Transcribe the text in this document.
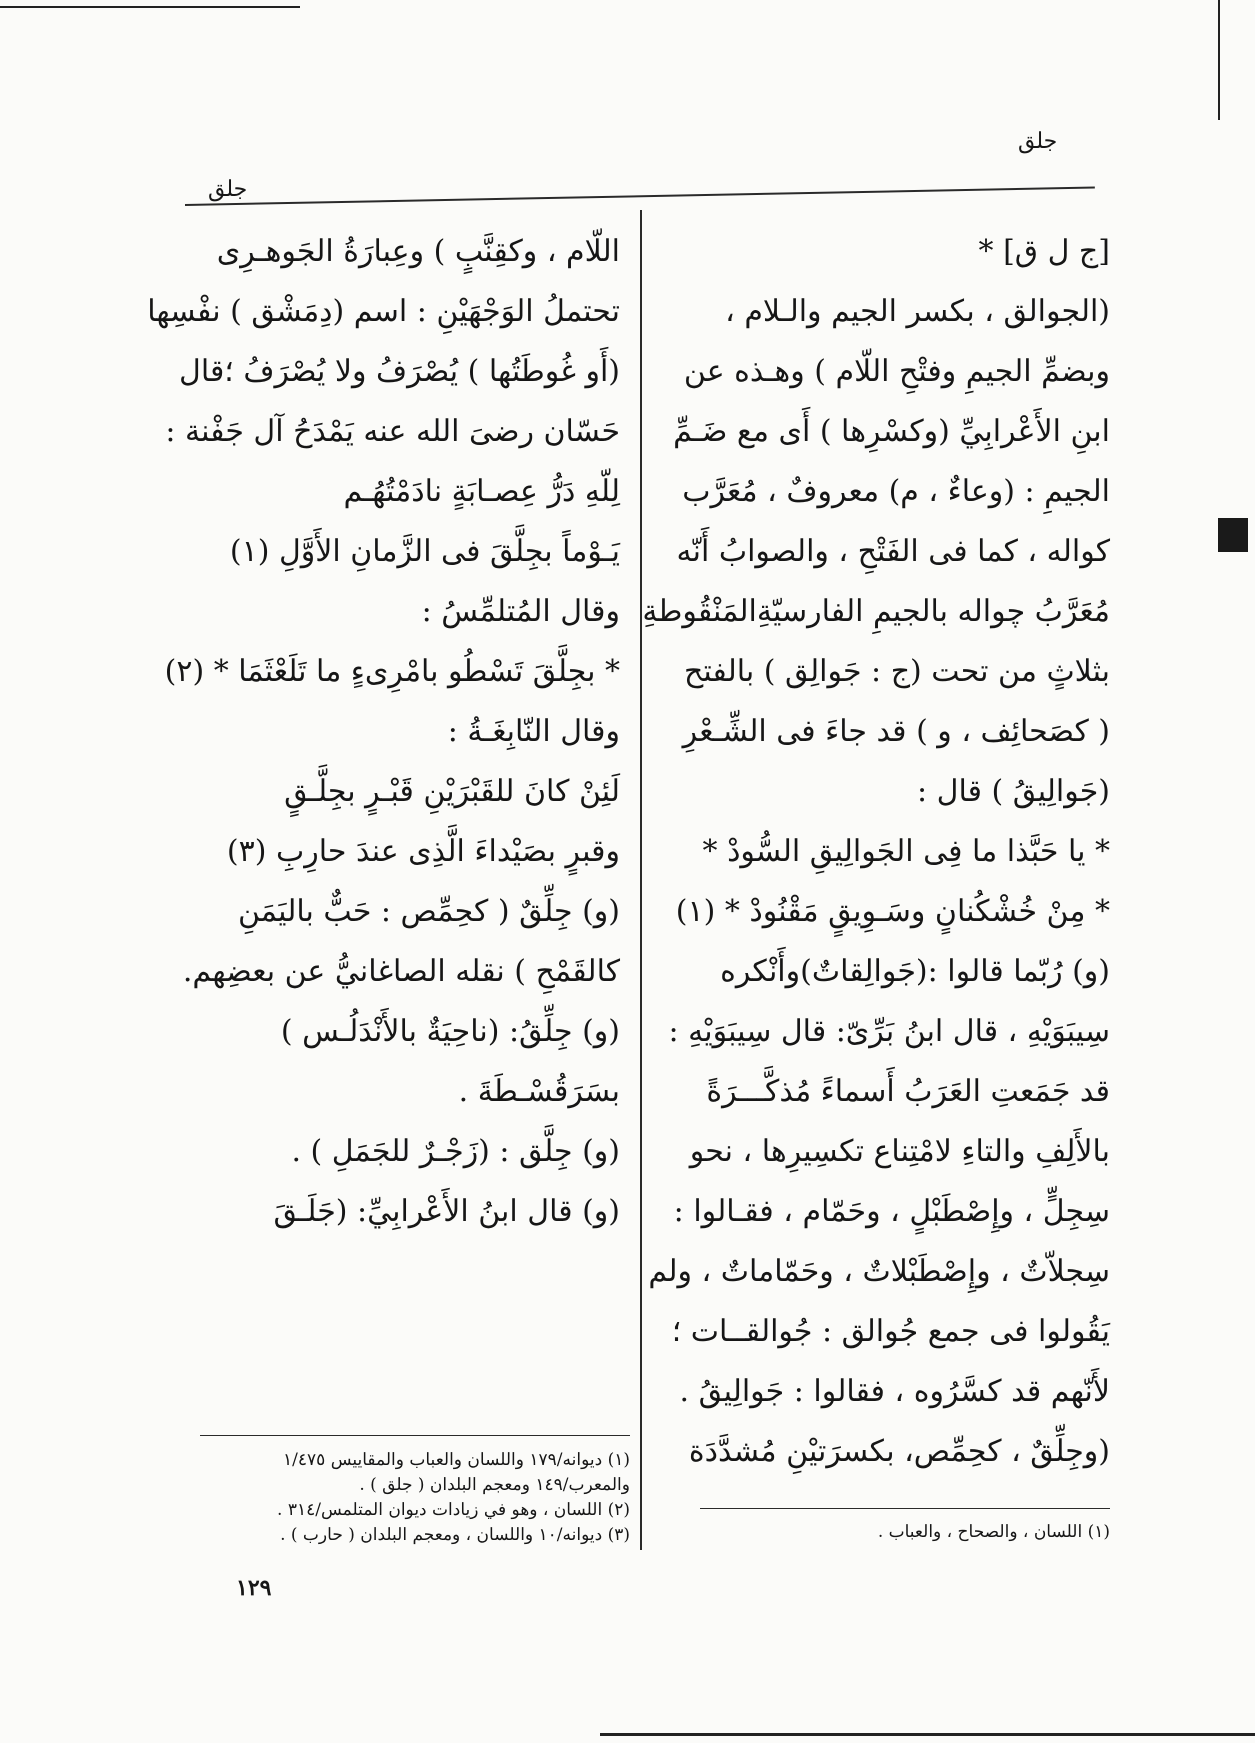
جلق
جلق
[ج ل ق] *
(الجوالق ، بكسر الجيم والـلام ،
وبضمِّ الجيمِ وفتْحِ اللّام ) وهـذه عن
ابنِ الأَعْرابِيِّ (وكسْرِها ) أَى مع ضَـمِّ
الجيمِ : (وعاءٌ ، م) معروفٌ ، مُعَرَّب
كواله ، كما فى الفَتْحِ ، والصوابُ أَنّه
مُعَرَّبُ چواله بالجيمِ الفارسيّةِالمَنْقُوطةِ
بثلاثٍ من تحت (ج : جَوالِق ) بالفتح
( كصَحائِف ، و ) قد جاءَ فى الشِّـعْرِ
(جَوالِيقُ ) قال :
* يا حَبَّذا ما فِى الجَوالِيقِ السُّودْ *
* مِنْ خُشْكُنانٍ وسَـوِيقٍ مَقْنُودْ * (١)
(و) رُبّما قالوا :(جَوالِقاتٌ)وأَنْكره
سِيبَوَيْهِ ، قال ابنُ بَرِّىّ: قال سِيبَوَيْهِ :
قد جَمَعتِ العَرَبُ أَسماءً مُذكَّـــرَةً
بالأَلِفِ والتاءِ لامْتِناع تكسِيرِها ، نحو
سِجِلٍّ ، وإِصْطَبْلٍ ، وحَمّام ، فقـالوا :
سِجلاّتٌ ، وإِصْطَبْلاتٌ ، وحَمّاماتٌ ، ولم
يَقُولوا فى جمع جُوالق : جُوالقــات ؛
لأَنّهم قد كسَّرُوه ، فقالوا : جَوالِيقُ .
(وجِلِّقٌ ، كحِمِّص، بكسرَتيْنِ مُشدَّدَة
اللّام ، وكقِنَّبٍ ) وعِبارَةُ الجَوهـرِى
تحتملُ الوَجْهَيْنِ : اسم (دِمَشْق ) نفْسِها
(أَو غُوطَتُها ) يُصْرَفُ ولا يُصْرَفُ ؛قال
حَسّان رضىَ الله عنه يَمْدَحُ آل جَفْنة :
لِلّهِ دَرُّ عِصـابَةٍ نادَمْتُهُـم
يَـوْماً بجِلَّقَ فى الزَّمانِ الأَوَّلِ (١)
وقال المُتلمِّسُ :
* بجِلَّقَ تَسْطُو بامْرِىءٍ ما تَلَعْثَمَا * (٢)
وقال النّابِغَـةُ :
لَئِنْ كانَ للقَبْرَيْنِ قَبْـرٍ بجِلَّـقٍ
وقبرٍ بصَيْداءَ الَّذِى عندَ حارِبِ (٣)
(و) جِلِّقٌ ( كحِمِّص : حَبٌّ باليَمَنِ
كالقَمْحِ ) نقله الصاغانيُّ عن بعضِهم.
(و) جِلِّقُ: (ناحِيَةٌ بالأَنْدَلُـس )
بسَرَقُسْـطَةَ .
(و) جِلَّق : (زَجْـرٌ للجَمَلِ ) .
(و) قال ابنُ الأَعْرابِيِّ: (جَلَـقَ
(١) ديوانه/١٧٩ واللسان والعباب والمقاييس ١/٤٧٥
والمعرب/١٤٩ ومعجم البلدان ( جلق ) .
(٢) اللسان ، وهو في زيادات ديوان المتلمس/٣١٤ .
(٣) ديوانه/١٠ واللسان ، ومعجم البلدان ( حارب ) .	(١) اللسان ، والصحاح ، والعباب .
١٢٩
